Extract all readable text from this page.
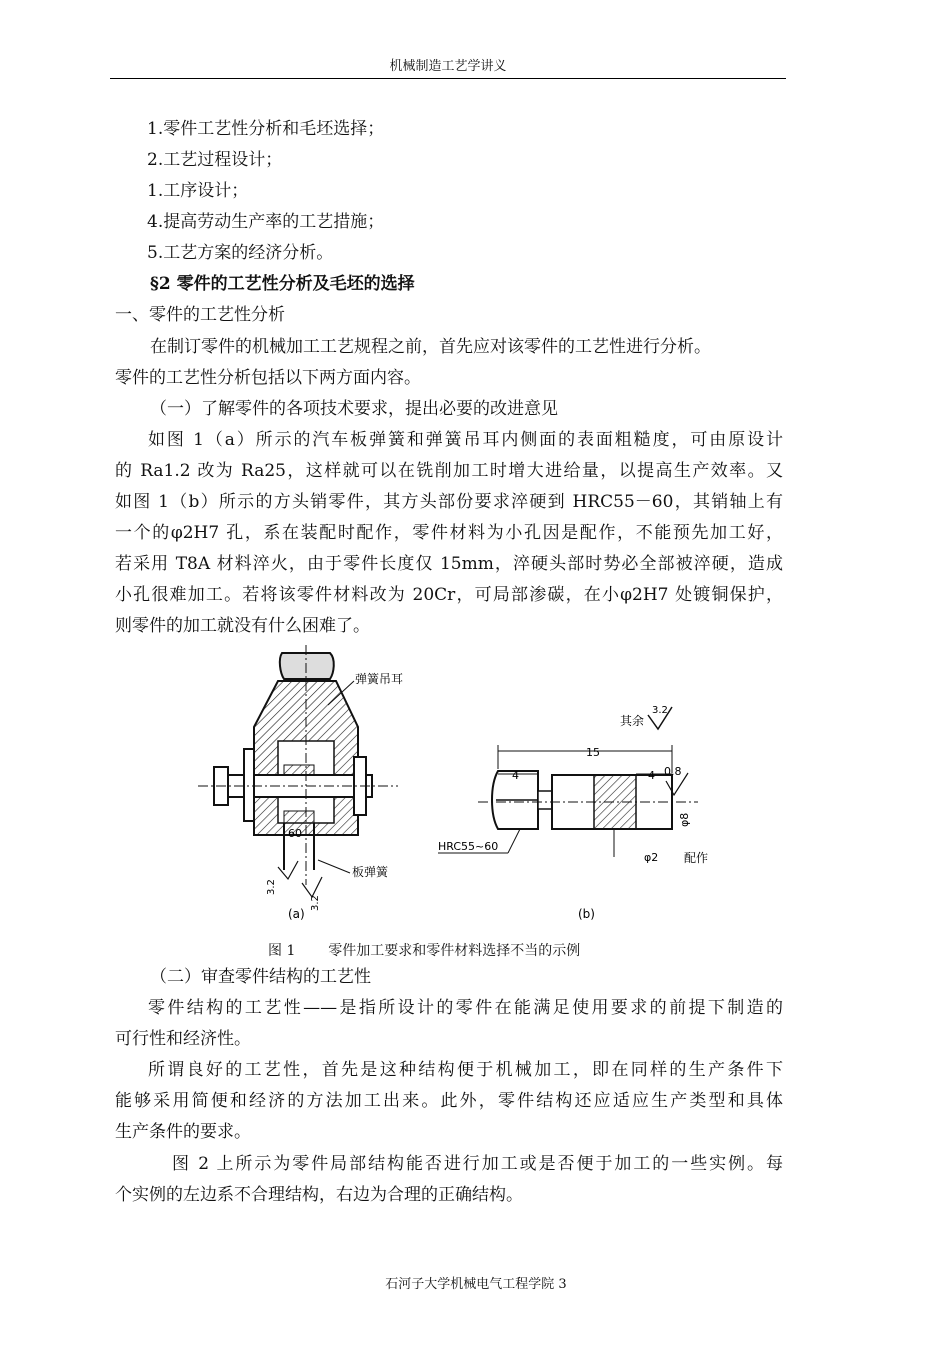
机械制造工艺学讲义
1.零件工艺性分析和毛坯选择；
2.工艺过程设计；
1.工序设计；
4.提高劳动生产率的工艺措施；
5.工艺方案的经济分析。
§2 零件的工艺性分析及毛坯的选择
一、零件的工艺性分析
在制订零件的机械加工工艺规程之前，首先应对该零件的工艺性进行分析。
零件的工艺性分析包括以下两方面内容。
（一）了解零件的各项技术要求，提出必要的改进意见
如图 1（a）所示的汽车板弹簧和弹簧吊耳内侧面的表面粗糙度，可由原设计
的 Ra1.2 改为 Ra25，这样就可以在铣削加工时增大进给量，以提高生产效率。又
如图 1（b）所示的方头销零件，其方头部份要求淬硬到 HRC55－60，其销轴上有
一个的φ2H7 孔，系在装配时配作，零件材料为小孔因是配作，不能预先加工好，
若采用 T8A 材料淬火，由于零件长度仅 15mm，淬硬头部时势必全部被淬硬，造成
小孔很难加工。若将该零件材料改为 20Cr，可局部渗碳，在小φ2H7 处镀铜保护，
则零件的加工就没有什么困难了。
弹簧吊耳
60
板弹簧
3.2
3.2
(a)
其余
3.2
15
4	4 0.8
φ8
HRC55~60
φ2 配作
(b)
图 1 零件加工要求和零件材料选择不当的示例
（二）审查零件结构的工艺性
零件结构的工艺性——是指所设计的零件在能满足使用要求的前提下制造的
可行性和经济性。
所谓良好的工艺性，首先是这种结构便于机械加工，即在同样的生产条件下
能够采用简便和经济的方法加工出来。此外，零件结构还应适应生产类型和具体
生产条件的要求。
图 2 上所示为零件局部结构能否进行加工或是否便于加工的一些实例。每
个实例的左边系不合理结构，右边为合理的正确结构。
石河子大学机械电气工程学院 3
